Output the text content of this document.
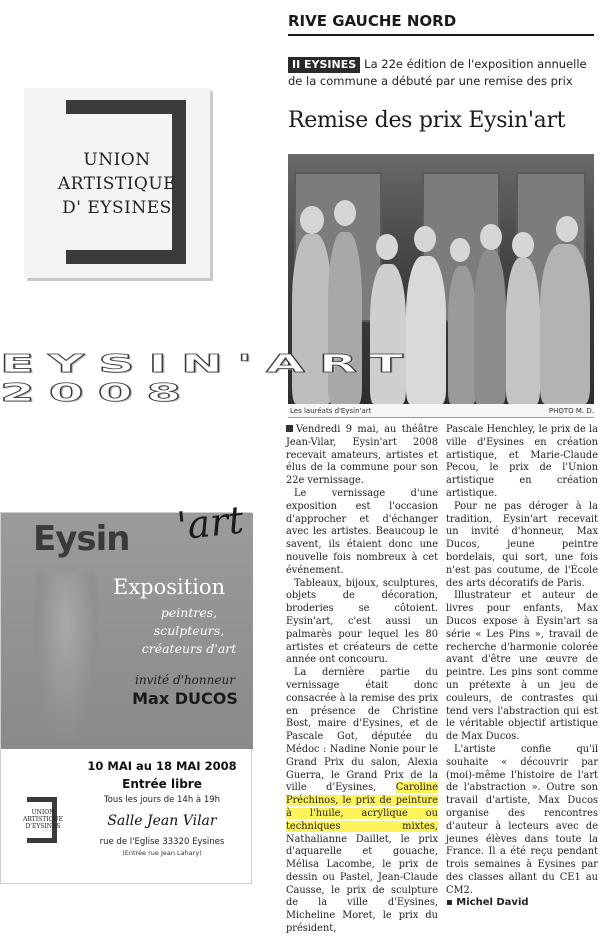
UNION
ARTISTIQUE
D' EYSINES
RIVE GAUCHE NORD
II EYSINES La 22e édition de l'exposition annuelle de la commune a débuté par une remise des prix
Remise des prix Eysin'art
EYSIN'ART 2008
Les lauréats d'Eysin'art	PHOTO M. D.

Vendredi 9 mai, au théâtre Jean-Vilar, Eysin'art 2008 recevait amateurs, artistes et élus de la commune pour son 22e vernissage.

Le vernissage d'une exposition est l'occasion d'approcher et d'échanger avec les artistes. Beaucoup le savent, ils étaient donc une nouvelle fois nombreux à cet événement.

Tableaux, bijoux, sculptures, objets de décoration, broderies se côtoient. Eysin'art, c'est aussi un palmarès pour lequel les 80 artistes et créateurs de cette année ont concouru.

La dernière partie du vernissage était donc consacrée à la remise des prix en présence de Christine Bost, maire d'Eysines, et de Pascale Got, députée du Médoc : Nadine Nonie pour le Grand Prix du salon, Alexia Guerra, le Grand Prix de la ville d'Eysines, Caroline Préchinos, le prix de peinture à l'huile, acrylique ou techniques mixtes, Nathalianne Daillet, le prix d'aquarelle et gouache, Mélisa Lacombe, le prix de dessin ou Pastel, Jean-Claude Causse, le prix de sculpture de la ville d'Eysines, Micheline Moret, le prix du président,

Pascale Henchley, le prix de la ville d'Eysines en création artistique, et Marie-Claude Pecou, le prix de l'Union artistique en création artistique.

Pour ne pas déroger à la tradition, Eysin'art recevait un invité d'honneur, Max Ducos, jeune peintre bordelais, qui sort, une fois n'est pas coutume, de l'École des arts décoratifs de Paris.

Illustrateur et auteur de livres pour enfants, Max Ducos expose à Eysin'art sa série « Les Pins », travail de recherche d'harmonie colorée avant d'être une œuvre de peintre. Les pins sont comme un prétexte à un jeu de couleurs, de contrastes qui tend vers l'abstraction qui est le véritable objectif artistique de Max Ducos.

L'artiste confie qu'il souhaite « découvrir par (moi)-même l'histoire de l'art de l'abstraction ». Outre son travail d'artiste, Max Ducos organise des rencontres d'auteur à lecteurs avec de jeunes élèves dans toute la France. Il a été reçu pendant trois semaines à Eysines par des classes allant du CE1 au CM2.

▪ Michel David

Eysin 'art
Exposition
peintres,
sculpteurs,
créateurs d'art
invité d'honneur
Max DUCOS
10 MAI au 18 MAI 2008
Entrée libre
Tous les jours de 14h à 19h
Salle Jean Vilar
rue de l'Eglise 33320 Eysines
(Entrée rue Jean Lahary)
UNION
ARTISTIQUE
D'EYSINES
